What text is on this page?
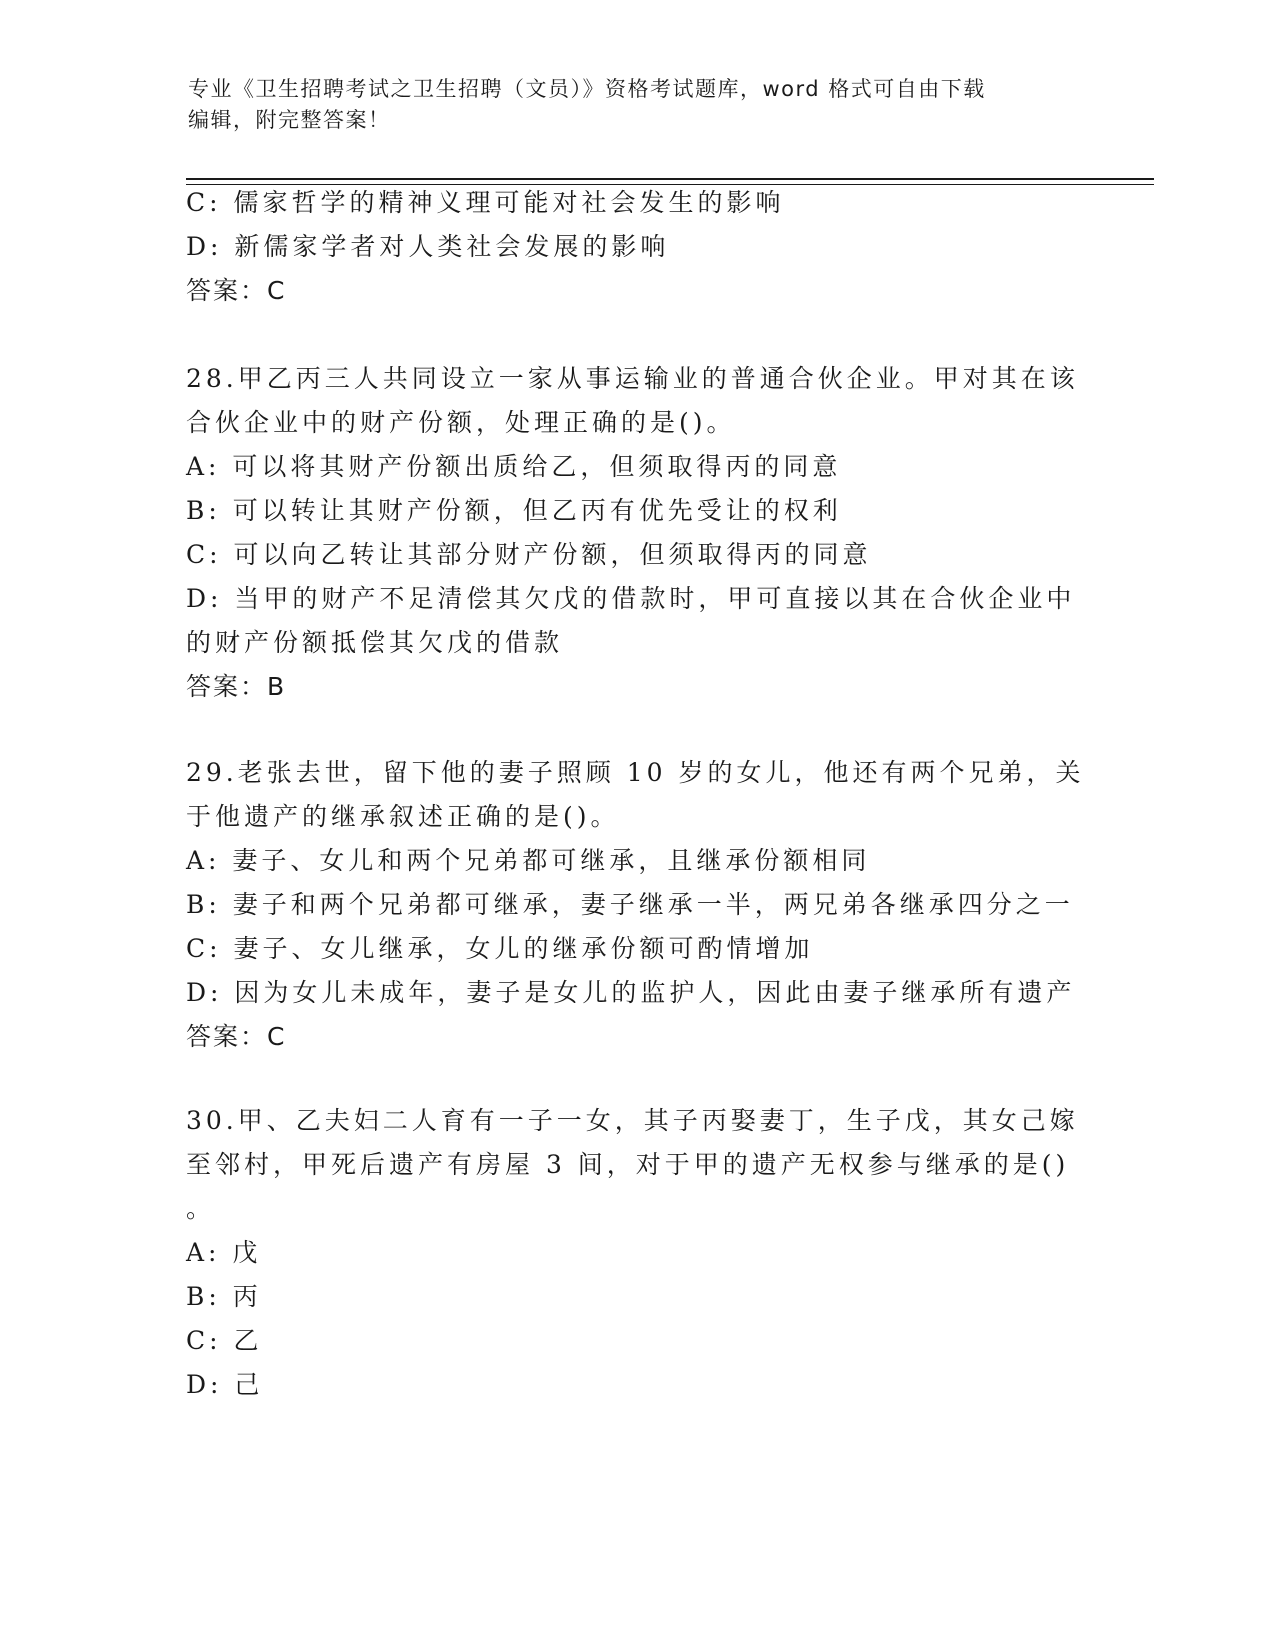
专业《卫生招聘考试之卫生招聘（文员）》资格考试题库，word 格式可自由下载
编辑，附完整答案！
C: 儒家哲学的精神义理可能对社会发生的影响
D: 新儒家学者对人类社会发展的影响
答案：C
28.甲乙丙三人共同设立一家从事运输业的普通合伙企业。甲对其在该
合伙企业中的财产份额，处理正确的是()。
A: 可以将其财产份额出质给乙，但须取得丙的同意
B: 可以转让其财产份额，但乙丙有优先受让的权利
C: 可以向乙转让其部分财产份额，但须取得丙的同意
D: 当甲的财产不足清偿其欠戊的借款时，甲可直接以其在合伙企业中
的财产份额抵偿其欠戊的借款
答案：B
29.老张去世，留下他的妻子照顾 10 岁的女儿，他还有两个兄弟，关
于他遗产的继承叙述正确的是()。
A: 妻子、女儿和两个兄弟都可继承，且继承份额相同
B: 妻子和两个兄弟都可继承，妻子继承一半，两兄弟各继承四分之一
C: 妻子、女儿继承，女儿的继承份额可酌情增加
D: 因为女儿未成年，妻子是女儿的监护人，因此由妻子继承所有遗产
答案：C
30.甲、乙夫妇二人育有一子一女，其子丙娶妻丁，生子戊，其女己嫁
至邻村，甲死后遗产有房屋 3 间，对于甲的遗产无权参与继承的是()
。
A: 戊
B: 丙
C: 乙
D: 己
